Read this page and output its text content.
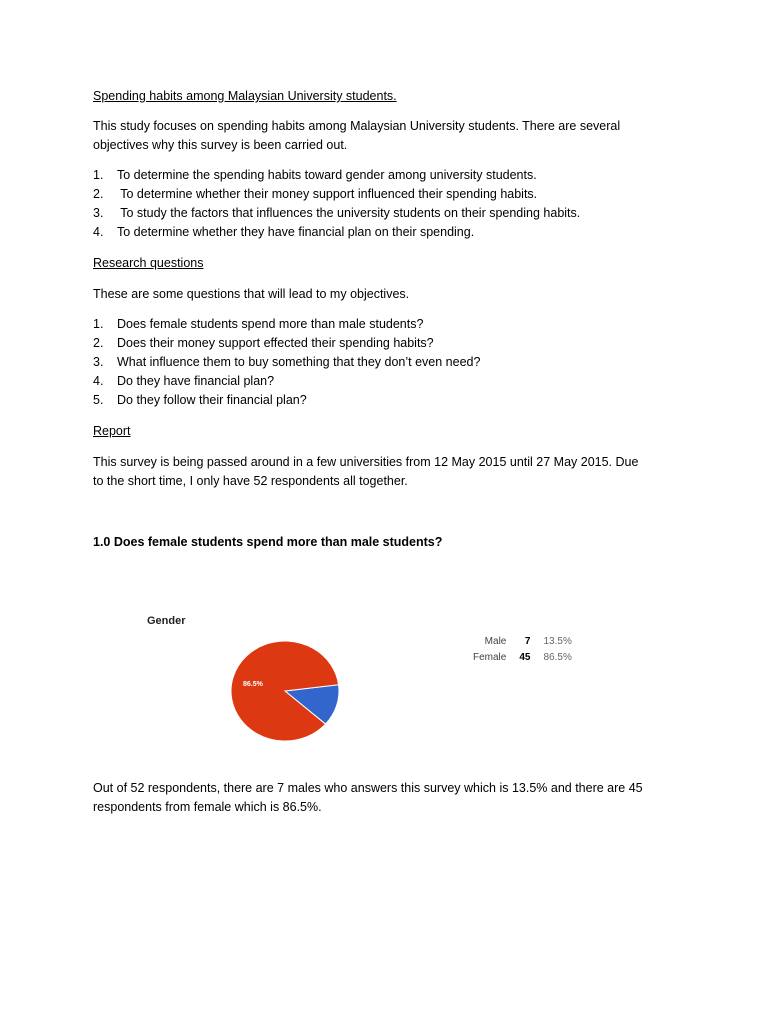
Spending habits among Malaysian University students.
This study focuses on spending habits among Malaysian University students. There are several
objectives why this survey is been carried out.
1. To determine the spending habits toward gender among university students.
2. To determine whether their money support influenced their spending habits.
3. To study the factors that influences the university students on their spending habits.
4. To determine whether they have financial plan on their spending.
Research questions
These are some questions that will lead to my objectives.
1. Does female students spend more than male students?
2. Does their money support effected their spending habits?
3. What influence them to buy something that they don’t even need?
4. Do they have financial plan?
5. Do they follow their financial plan?
Report
This survey is being passed around in a few universities from 12 May 2015 until 27 May 2015. Due
to the short time, I only have 52 respondents all together.
1.0 Does female students spend more than male students?
Gender
86.5%
Male	7	13.5%
Female	45	86.5%
Out of 52 respondents, there are 7 males who answers this survey which is 13.5% and there are 45
respondents from female which is 86.5%.
